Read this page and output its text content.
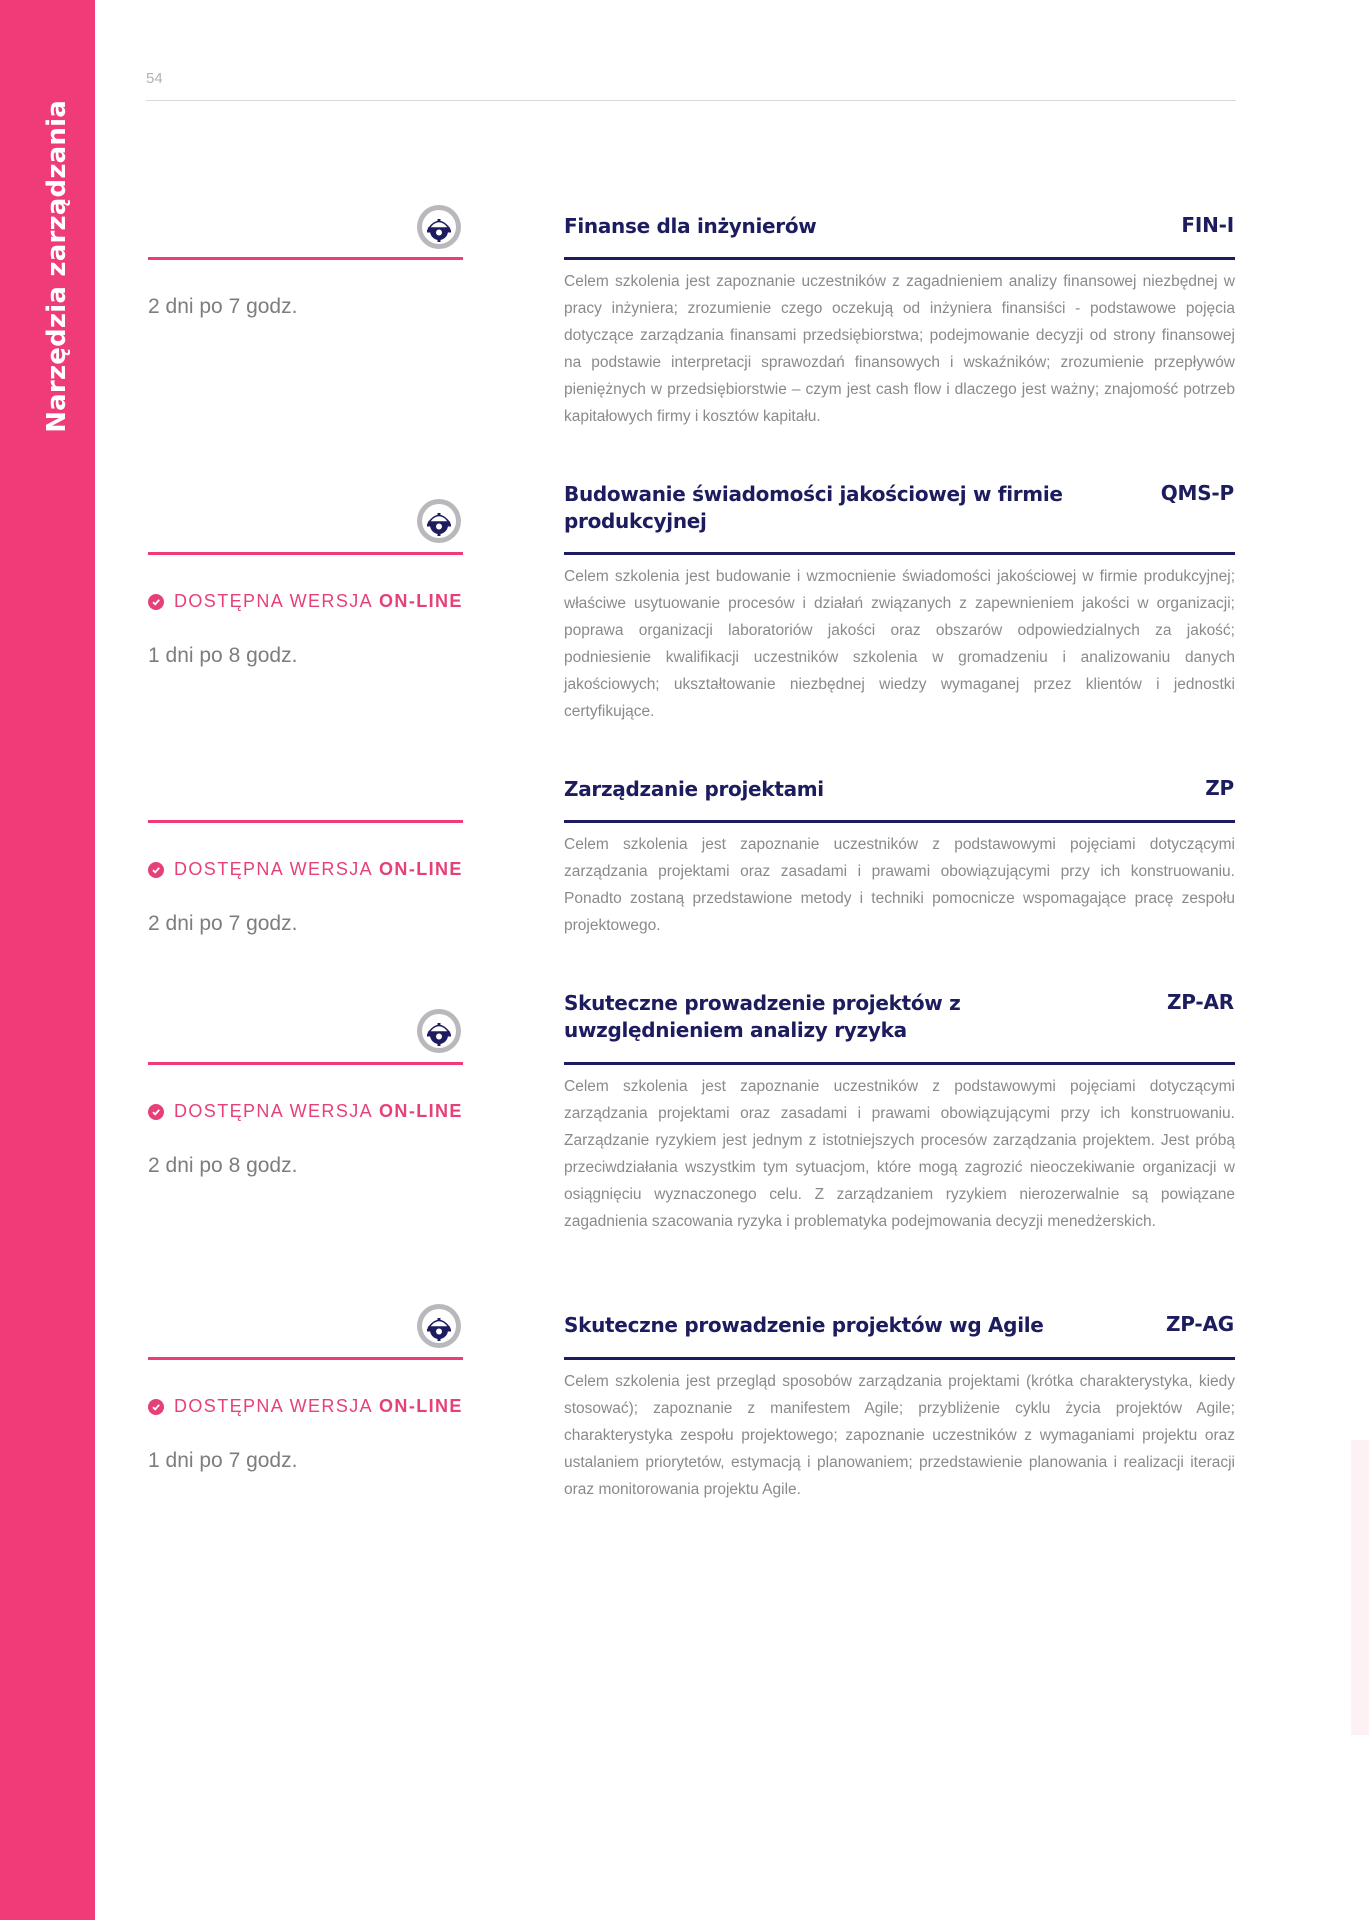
Narzędzia zarządzania
54
2 dni po 7 godz.
Finanse dla inżynierów	FIN-I

Celem szkolenia jest zapoznanie uczestników z zagadnieniem analizy finansowej niezbędnej w pracy inżyniera; zrozumienie czego oczekują od inżyniera finansiści - podstawowe pojęcia dotyczące zarządzania finansami przedsiębiorstwa; podejmowanie decyzji od strony finansowej na podstawie interpretacji sprawozdań finansowych i wskaźników; zrozumienie przepływów pieniężnych w przedsiębiorstwie – czym jest cash flow i dlaczego jest ważny; znajomość potrzeb kapitałowych firmy i kosztów kapitału.

DOSTĘPNA WERSJA ON-LINE
1 dni po 8 godz.
Budowanie świadomości jakościowej w firmie produkcyjnej
QMS-P

Celem szkolenia jest budowanie i wzmocnienie świadomości jakościowej w firmie produkcyjnej; właściwe usytuowanie procesów i działań związanych z zapewnieniem jakości w organizacji; poprawa organizacji laboratoriów jakości oraz obszarów odpowiedzialnych za jakość; podniesienie kwalifikacji uczestników szkolenia w gromadzeniu i analizowaniu danych jakościowych; ukształtowanie niezbędnej wiedzy wymaganej przez klientów i jednostki certyfikujące.

DOSTĘPNA WERSJA ON-LINE
2 dni po 7 godz.
Zarządzanie projektami	ZP

Celem szkolenia jest zapoznanie uczestników z podstawowymi pojęciami dotyczącymi zarządzania projektami oraz zasadami i prawami obowiązującymi przy ich konstruowaniu. Ponadto zostaną przedstawione metody i techniki pomocnicze wspomagające pracę zespołu projektowego.

DOSTĘPNA WERSJA ON-LINE
2 dni po 8 godz.
Skuteczne prowadzenie projektów z uwzględnieniem analizy ryzyka
ZP-AR

Celem szkolenia jest zapoznanie uczestników z podstawowymi pojęciami dotyczącymi zarządzania projektami oraz zasadami i prawami obowiązującymi przy ich konstruowaniu. Zarządzanie ryzykiem jest jednym z istotniejszych procesów zarządzania projektem. Jest próbą przeciwdziałania wszystkim tym sytuacjom, które mogą zagrozić nieoczekiwanie organizacji w osiągnięciu wyznaczonego celu. Z zarządzaniem ryzykiem nierozerwalnie są powiązane zagadnienia szacowania ryzyka i problematyka podejmowania decyzji menedżerskich.

DOSTĘPNA WERSJA ON-LINE
1 dni po 7 godz.
Skuteczne prowadzenie projektów wg Agile	ZP-AG

Celem szkolenia jest przegląd sposobów zarządzania projektami (krótka charakterystyka, kiedy stosować); zapoznanie z manifestem Agile; przybliżenie cyklu życia projektów Agile; charakterystyka zespołu projektowego; zapoznanie uczestników z wymaganiami projektu oraz ustalaniem priorytetów, estymacją i planowaniem; przedstawienie planowania i realizacji iteracji oraz monitorowania projektu Agile.
